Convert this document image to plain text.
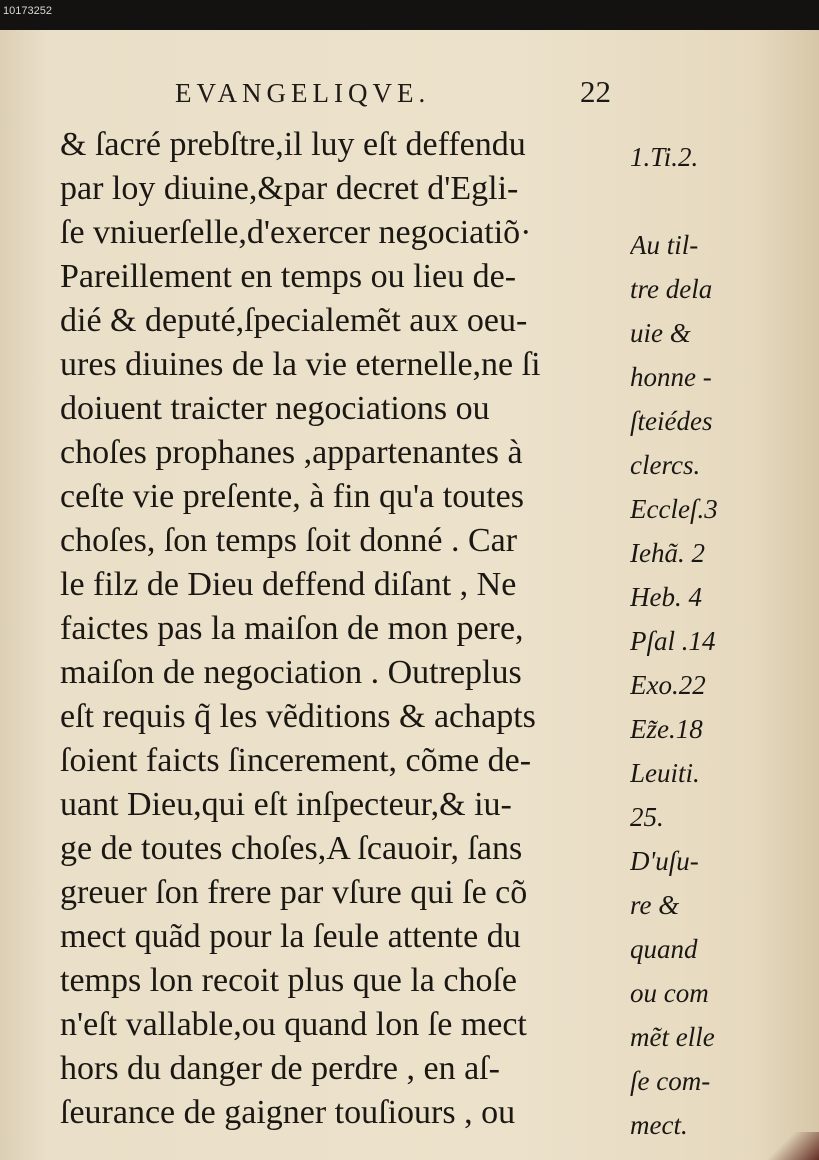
10173252
EVANGELIQVE.	22
& ſacré prebſtre,il luy eſt deffendu
par loy diuine,&par decret d'Egli-
ſe vniuerſelle,d'exercer negociatiõ·
Pareillement en temps ou lieu de-
dié & deputé,ſpecialemẽt aux oeu-
ures diuines de la vie eternelle,ne ſi
doiuent traicter negociations ou
choſes prophanes ,appartenantes à
ceſte vie preſente, à fin qu'a toutes
choſes, ſon temps ſoit donné . Car
le filz de Dieu deffend diſant , Ne
faictes pas la maiſon de mon pere,
maiſon de negociation . Outreplus
eſt requis q̃ les vẽditions & achapts
ſoient faicts ſincerement, cõme de-
uant Dieu,qui eſt inſpecteur,& iu-
ge de toutes choſes,A ſcauoir, ſans
greuer ſon frere par vſure qui ſe cõ
mect quãd pour la ſeule attente du
temps lon recoit plus que la choſe
n'eſt vallable,ou quand lon ſe mect
hors du danger de perdre , en aſ-
ſeurance de gaigner touſiours , ou
1.Ti.2.
Au til-
tre dela
uie &
honne -
ſteiédes
clercs.
Eccleſ.3
Iehã. 2
Heb. 4
Pſal .14
Exo.22
Ez̃e.18
Leuiti.
25.
D'uſu-
re &
quand
ou com
mẽt elle
ſe com-
mect.
